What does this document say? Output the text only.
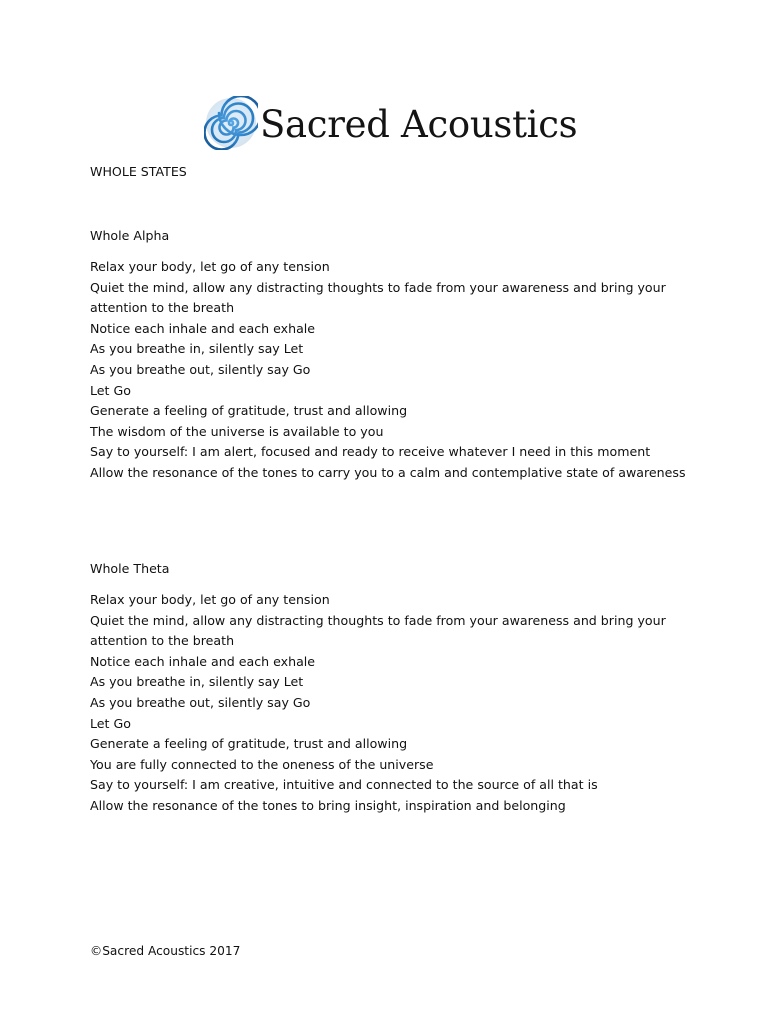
Sacred Acoustics
WHOLE STATES
Whole Alpha
Relax your body, let go of any tension
Quiet the mind, allow any distracting thoughts to fade from your awareness and bring your
attention to the breath
Notice each inhale and each exhale
As you breathe in, silently say Let
As you breathe out, silently say Go
Let Go
Generate a feeling of gratitude, trust and allowing
The wisdom of the universe is available to you
Say to yourself: I am alert, focused and ready to receive whatever I need in this moment
Allow the resonance of the tones to carry you to a calm and contemplative state of awareness
Whole Theta
Relax your body, let go of any tension
Quiet the mind, allow any distracting thoughts to fade from your awareness and bring your
attention to the breath
Notice each inhale and each exhale
As you breathe in, silently say Let
As you breathe out, silently say Go
Let Go
Generate a feeling of gratitude, trust and allowing
You are fully connected to the oneness of the universe
Say to yourself: I am creative, intuitive and connected to the source of all that is
Allow the resonance of the tones to bring insight, inspiration and belonging
©Sacred Acoustics 2017
